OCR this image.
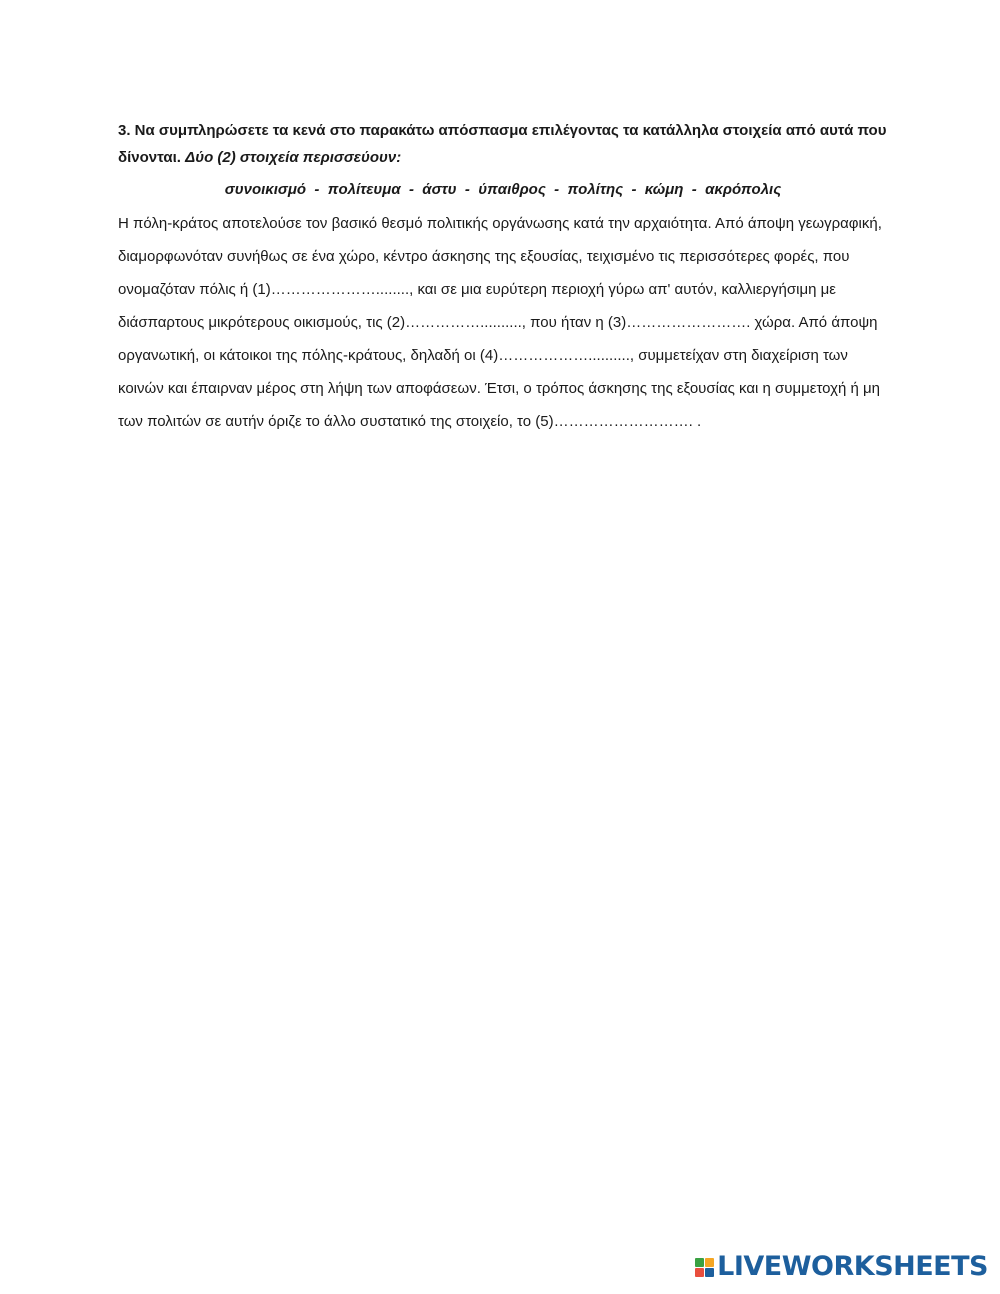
3. Να συμπληρώσετε τα κενά στο παρακάτω απόσπασμα επιλέγοντας τα κατάλληλα στοιχεία από αυτά που δίνονται. Δύο (2) στοιχεία περισσεύουν:

συνοικισμό  -  πολίτευμα  -  άστυ  -  ύπαιθρος  -  πολίτης  -  κώμη  -  ακρόπολις

Η πόλη-κράτος αποτελούσε τον βασικό θεσμό πολιτικής οργάνωσης κατά την αρχαιότητα. Από άποψη γεωγραφική, διαμορφωνόταν συνήθως σε ένα χώρο, κέντρο άσκησης της εξουσίας, τειχισμένο τις περισσότερες φορές, που ονομαζόταν πόλις ή (1)…………………........, και σε μια ευρύτερη περιοχή γύρω απ' αυτόν, καλλιεργήσιμη με διάσπαρτους μικρότερους οικισμούς, τις (2)…………….........., που ήταν η (3)……………………. χώρα. Από άποψη οργανωτική, οι κάτοικοι της πόλης-κράτους, δηλαδή οι (4)……………….........., συμμετείχαν στη διαχείριση των κοινών και έπαιρναν μέρος στη λήψη των αποφάσεων. Έτσι, ο τρόπος άσκησης της εξουσίας και η συμμετοχή ή μη των πολιτών σε αυτήν όριζε το άλλο συστατικό της στοιχείο, το (5)………………………. .

LIVEWORKSHEETS
